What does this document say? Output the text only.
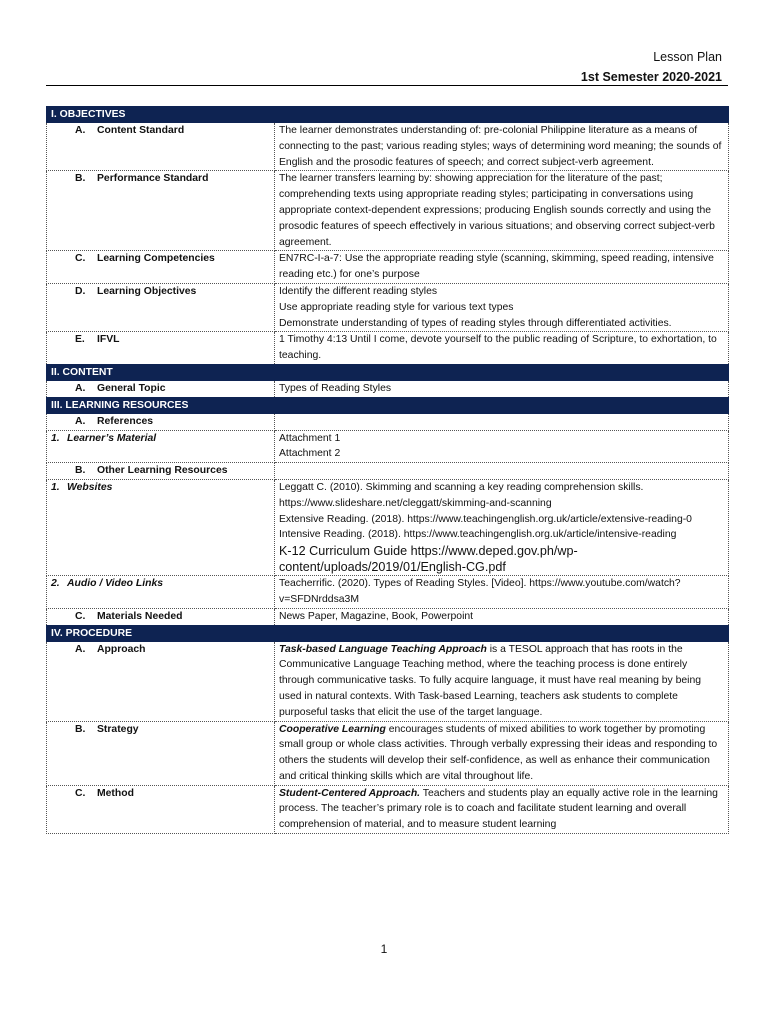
Lesson Plan
1st Semester 2020-2021
I. OBJECTIVES	
A. Content Standard	The learner demonstrates understanding of: pre-colonial Philippine literature as a means of connecting to the past; various reading styles; ways of determining word meaning; the sounds of English and the prosodic features of speech; and correct subject-verb agreement.
B. Performance Standard	The learner transfers learning by: showing appreciation for the literature of the past; comprehending texts using appropriate reading styles; participating in conversations using appropriate context-dependent expressions; producing English sounds correctly and using the prosodic features of speech effectively in various situations; and observing correct subject-verb agreement.
C. Learning Competencies	EN7RC-I-a-7: Use the appropriate reading style (scanning, skimming, speed reading, intensive reading etc.) for one’s purpose
D. Learning Objectives	Identify the different reading styles
Use appropriate reading style for various text types
Demonstrate understanding of types of reading styles through differentiated activities.

E. IFVL	1 Timothy 4:13 Until I come, devote yourself to the public reading of Scripture, to exhortation, to teaching.
II. CONTENT	
A. General Topic	Types of Reading Styles
III. LEARNING RESOURCES	
A. References	
1. Learner’s Material	Attachment 1
Attachment 2

B. Other Learning Resources	
1. Websites	Leggatt C. (2010). Skimming and scanning a key reading comprehension skills. https://www.slideshare.net/cleggatt/skimming-and-scanning
Extensive Reading. (2018). https://www.teachingenglish.org.uk/article/extensive-reading-0
Intensive Reading. (2018). https://www.teachingenglish.org.uk/article/intensive-reading
K-12 Curriculum Guide https://www.deped.gov.ph/wp-content/uploads/2019/01/English-CG.pdf

2. Audio / Video Links	Teacherrific. (2020). Types of Reading Styles. [Video]. https://www.youtube.com/watch?v=SFDNrddsa3M
C. Materials Needed	News Paper, Magazine, Book, Powerpoint
IV. PROCEDURE	
A. Approach	Task-based Language Teaching Approach is a TESOL approach that has roots in the Communicative Language Teaching method, where the teaching process is done entirely through communicative tasks. To fully acquire language, it must have real meaning by being used in natural contexts. With Task-based Learning, teachers ask students to complete purposeful tasks that elicit the use of the target language.
B. Strategy	Cooperative Learning encourages students of mixed abilities to work together by promoting small group or whole class activities. Through verbally expressing their ideas and responding to others the students will develop their self-confidence, as well as enhance their communication and critical thinking skills which are vital throughout life.
C. Method	Student-Centered Approach. Teachers and students play an equally active role in the learning process. The teacher’s primary role is to coach and facilitate student learning and overall comprehension of material, and to measure student learning
1
